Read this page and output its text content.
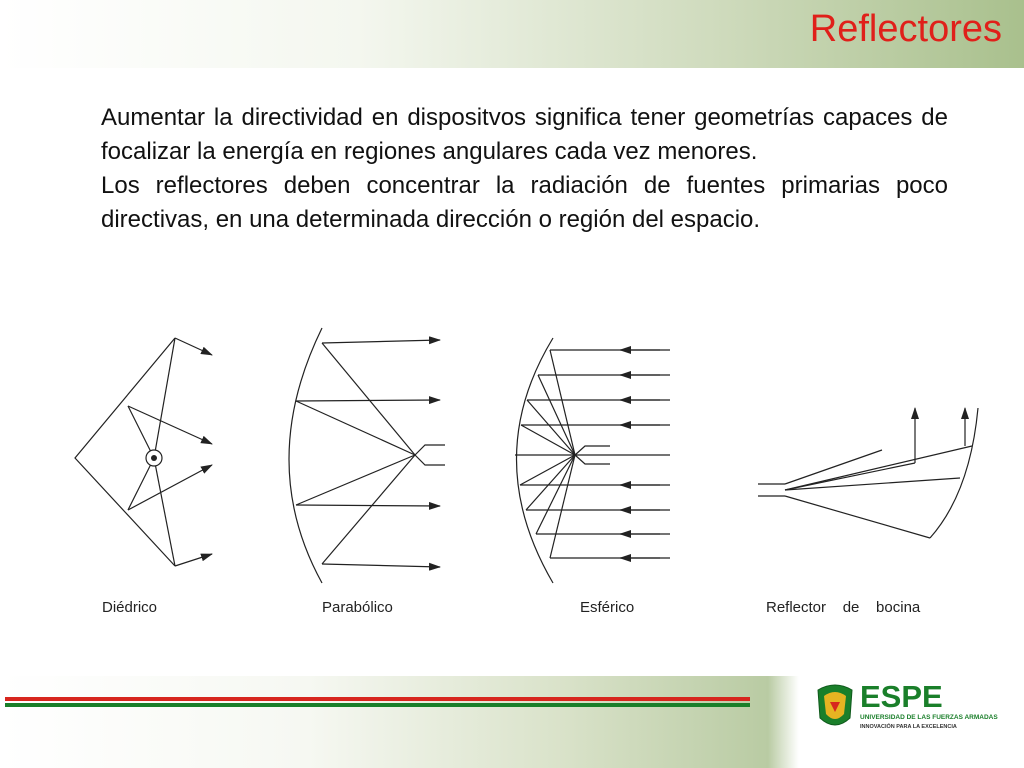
Reflectores

Aumentar la directividad en dispositvos significa tener geometrías capaces de focalizar la energía en regiones angulares cada vez menores.

Los reflectores deben concentrar la radiación de fuentes primarias poco directivas, en una determinada dirección o región del espacio.

Diédrico	Parabólico	Esférico	Reflector    de    bocina
ESPE
UNIVERSIDAD DE LAS FUERZAS ARMADAS
INNOVACIÓN PARA LA EXCELENCIA
